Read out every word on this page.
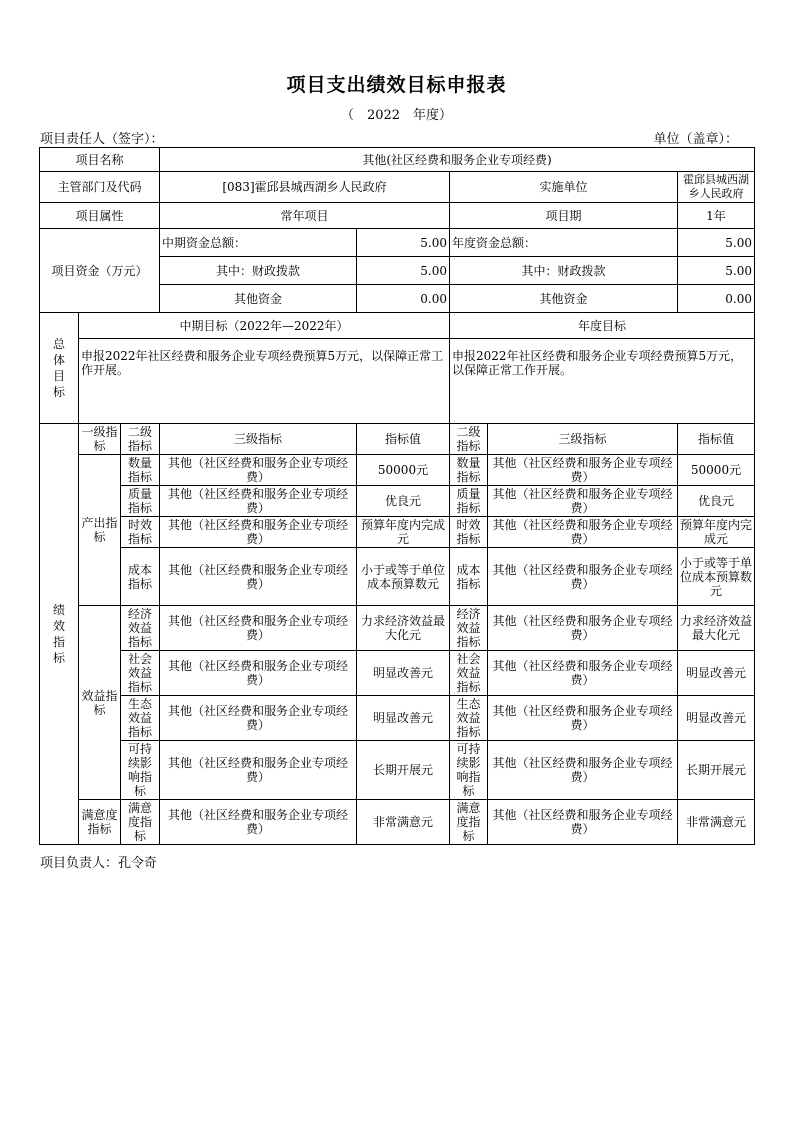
项目支出绩效目标申报表
（　2022　年度）
项目责任人（签字）：	单位（盖章）：
项目名称			其他(社区经费和服务企业专项经费)				
主管部门及代码			[083]霍邱县城西湖乡人民政府		实施单位		霍邱县城西湖乡人民政府
项目属性			常年项目		项目期		1年
项目资金（万元）			中期资金总额：	5.00	年度资金总额：		5.00
			其中：财政拨款	5.00	其中：财政拨款		5.00
			其他资金	0.00	其他资金		0.00
总体目标	中期目标（2022年—2022年）				年度目标		
	申报2022年社区经费和服务企业专项经费预算5万元，以保障正常工作开展。				申报2022年社区经费和服务企业专项经费预算5万元，以保障正常工作开展。		
绩效指标	一级指标	二级指标	三级指标	指标值	二级指标	三级指标	指标值
	产出指标	数量指标	其他（社区经费和服务企业专项经费）	50000元	数量指标	其他（社区经费和服务企业专项经费）	50000元
		质量指标	其他（社区经费和服务企业专项经费）	优良元	质量指标	其他（社区经费和服务企业专项经费）	优良元
		时效指标	其他（社区经费和服务企业专项经费）	预算年度内完成元	时效指标	其他（社区经费和服务企业专项经费）	预算年度内完成元
		成本指标	其他（社区经费和服务企业专项经费）	小于或等于单位成本预算数元	成本指标	其他（社区经费和服务企业专项经费）	小于或等于单位成本预算数元
	效益指标	经济效益指标	其他（社区经费和服务企业专项经费）	力求经济效益最大化元	经济效益指标	其他（社区经费和服务企业专项经费）	力求经济效益最大化元
		社会效益指标	其他（社区经费和服务企业专项经费）	明显改善元	社会效益指标	其他（社区经费和服务企业专项经费）	明显改善元
		生态效益指标	其他（社区经费和服务企业专项经费）	明显改善元	生态效益指标	其他（社区经费和服务企业专项经费）	明显改善元
		可持续影响指标	其他（社区经费和服务企业专项经费）	长期开展元	可持续影响指标	其他（社区经费和服务企业专项经费）	长期开展元
	满意度指标	满意度指标	其他（社区经费和服务企业专项经费）	非常满意元	满意度指标	其他（社区经费和服务企业专项经费）	非常满意元
项目负责人：孔令奇
